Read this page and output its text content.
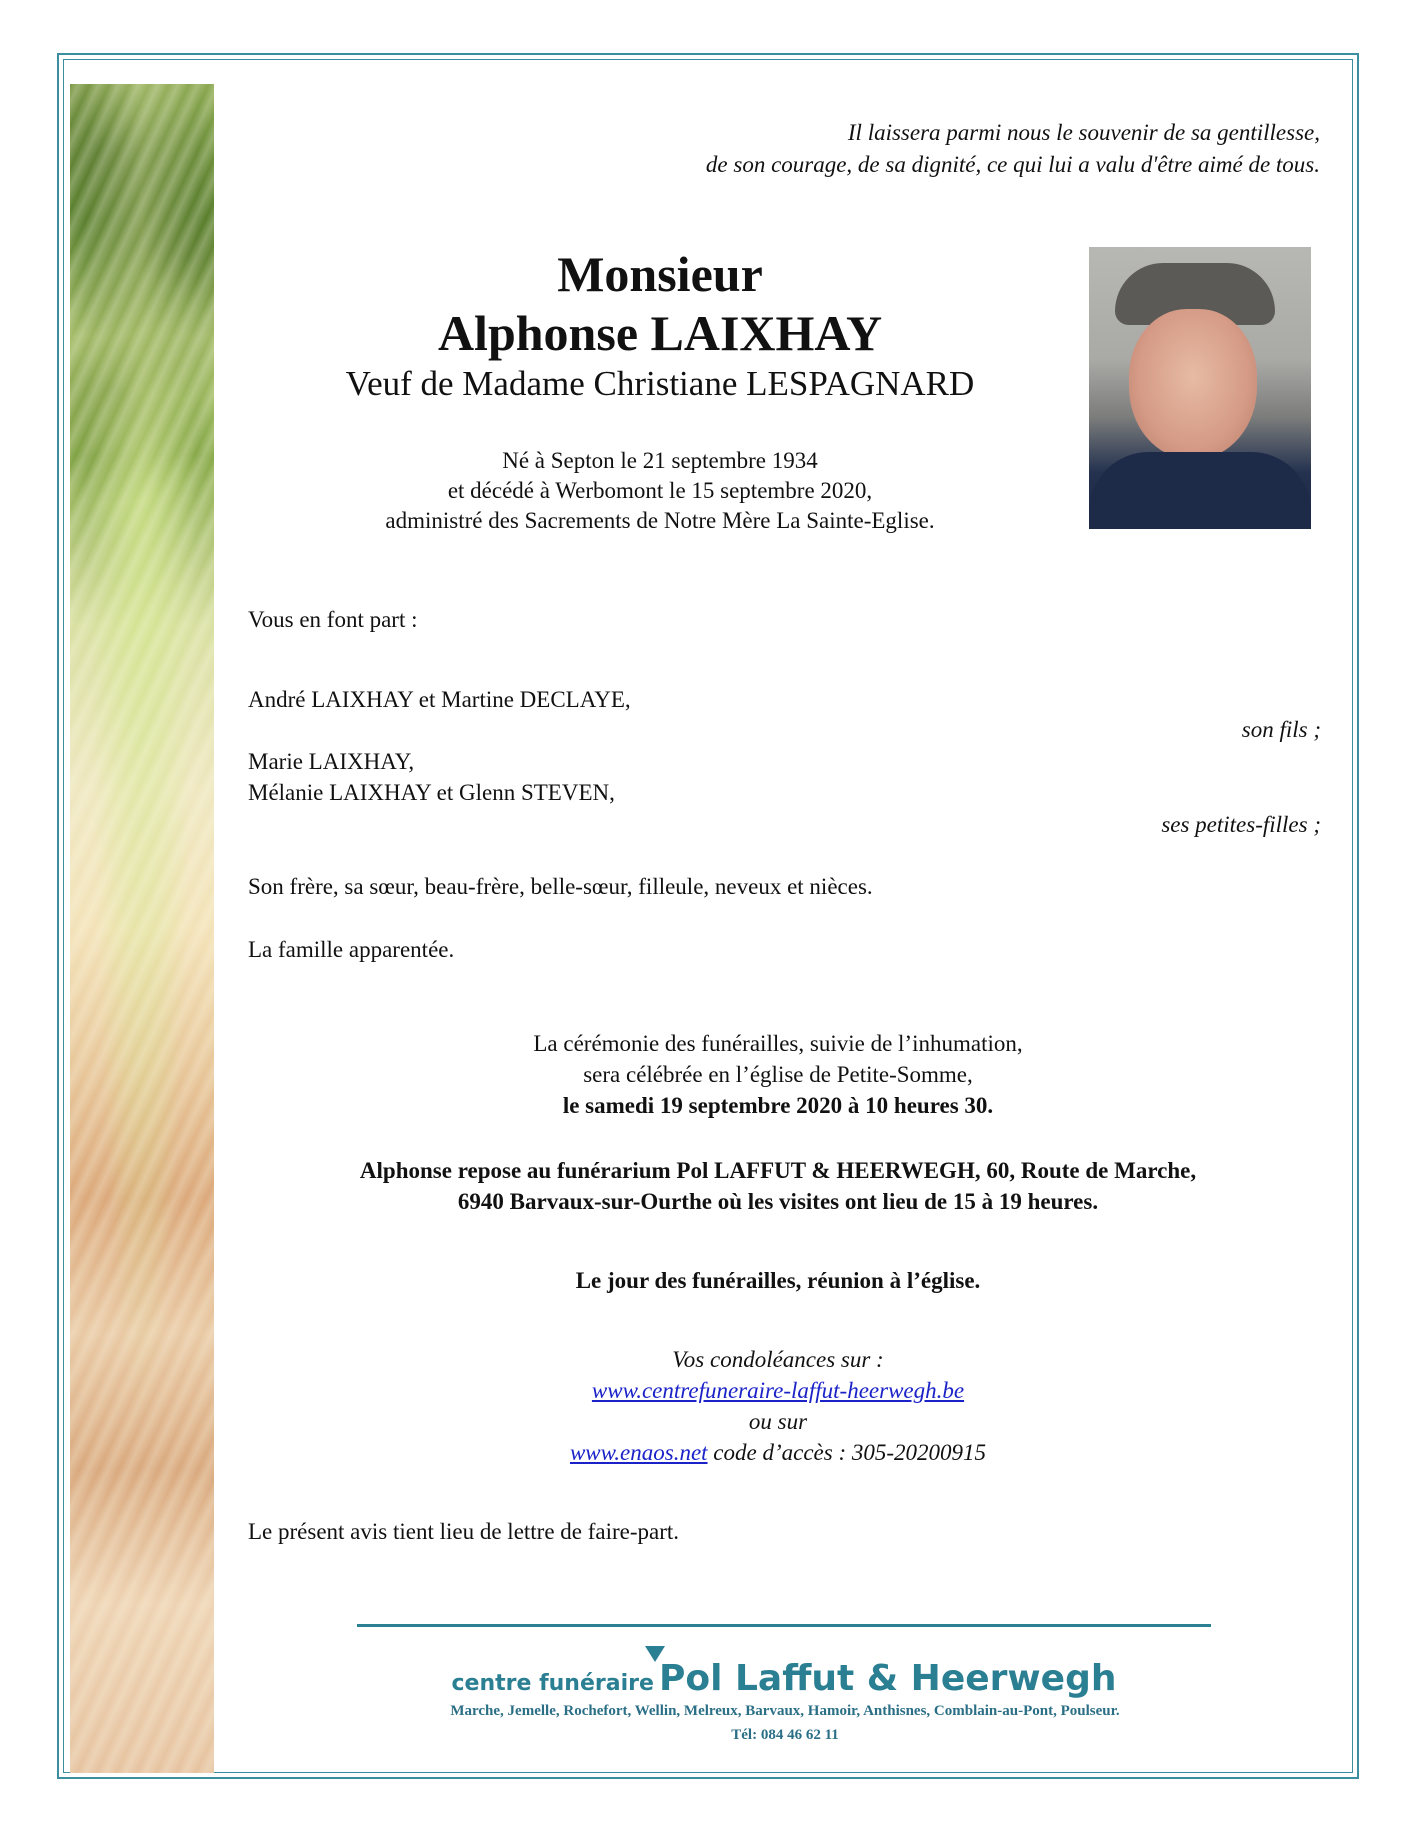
Il laissera parmi nous le souvenir de sa gentillesse,
de son courage, de sa dignité, ce qui lui a valu d'être aimé de tous.
Monsieur
Alphonse LAIXHAY
Veuf de Madame Christiane LESPAGNARD
Né à Septon le 21 septembre 1934
et décédé à Werbomont le 15 septembre 2020,
administré des Sacrements de Notre Mère La Sainte-Eglise.
Vous en font part :
André LAIXHAY et Martine DECLAYE,
son fils ;
Marie LAIXHAY,
Mélanie LAIXHAY et Glenn STEVEN,
ses petites-filles ;
Son frère, sa sœur, beau-frère, belle-sœur, filleule, neveux et nièces.
La famille apparentée.
La cérémonie des funérailles, suivie de l’inhumation,
sera célébrée en l’église de Petite-Somme,
le samedi 19 septembre 2020 à 10 heures 30.
Alphonse repose au funérarium Pol LAFFUT & HEERWEGH, 60, Route de Marche,
6940 Barvaux-sur-Ourthe où les visites ont lieu de 15 à 19 heures.
Le jour des funérailles, réunion à l’église.
Vos condoléances sur :
www.centrefuneraire-laffut-heerwegh.be
ou sur
www.enaos.net code d’accès : 305-20200915
Le présent avis tient lieu de lettre de faire-part.
centre funéraire Pol Laffut & Heerwegh
Marche, Jemelle, Rochefort, Wellin, Melreux, Barvaux, Hamoir, Anthisnes, Comblain-au-Pont, Poulseur.
Tél: 084 46 62 11
